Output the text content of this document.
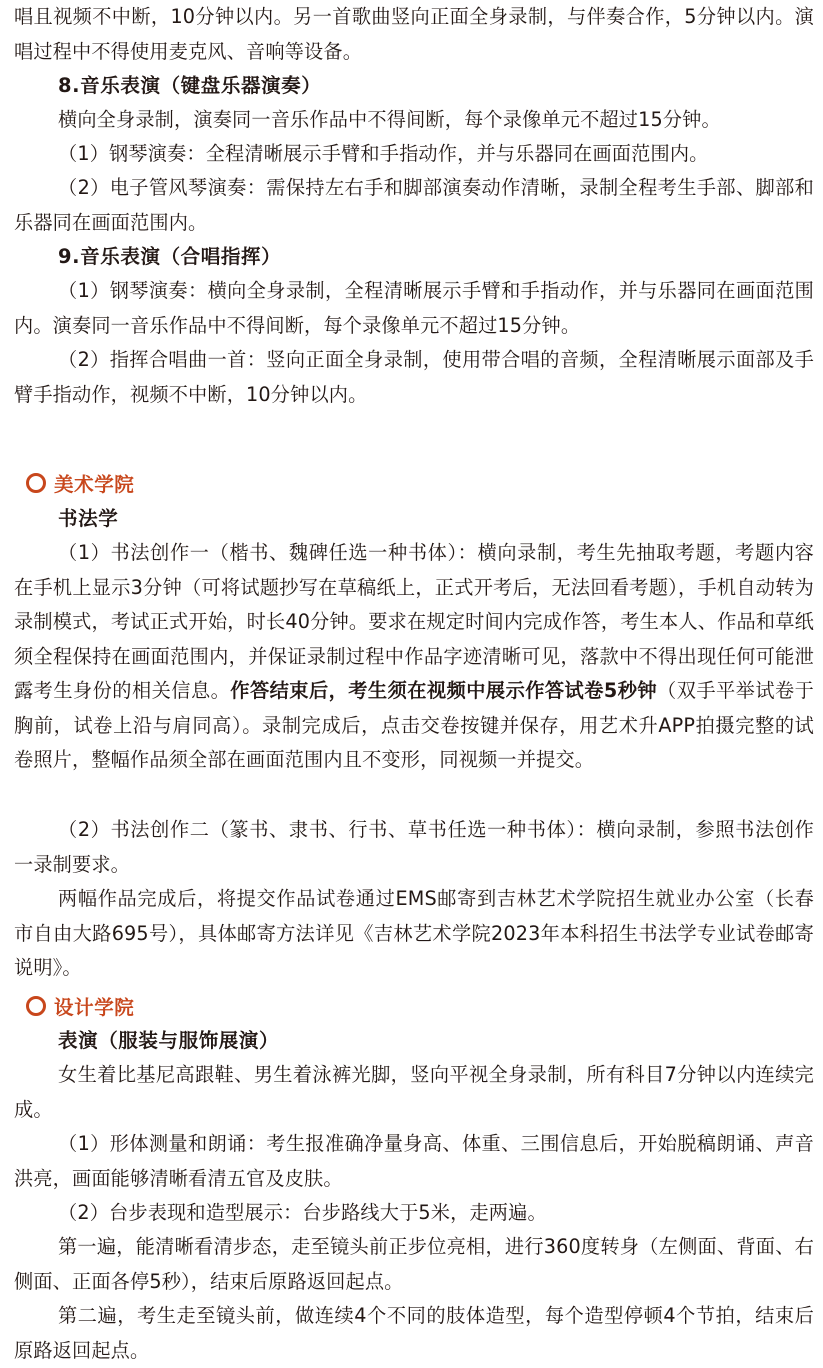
唱且视频不中断，10分钟以内。另一首歌曲竖向正面全身录制，与伴奏合作，5分钟以内。演唱过程中不得使用麦克风、音响等设备。

8.音乐表演（键盘乐器演奏）

横向全身录制，演奏同一音乐作品中不得间断，每个录像单元不超过15分钟。

（1）钢琴演奏：全程清晰展示手臂和手指动作，并与乐器同在画面范围内。

（2）电子管风琴演奏：需保持左右手和脚部演奏动作清晰，录制全程考生手部、脚部和乐器同在画面范围内。

9.音乐表演（合唱指挥）

（1）钢琴演奏：横向全身录制，全程清晰展示手臂和手指动作，并与乐器同在画面范围内。演奏同一音乐作品中不得间断，每个录像单元不超过15分钟。

（2）指挥合唱曲一首：竖向正面全身录制，使用带合唱的音频，全程清晰展示面部及手臂手指动作，视频不中断，10分钟以内。

美术学院

书法学

（1）书法创作一（楷书、魏碑任选一种书体）：横向录制，考生先抽取考题，考题内容在手机上显示3分钟（可将试题抄写在草稿纸上，正式开考后，无法回看考题），手机自动转为录制模式，考试正式开始，时长40分钟。要求在规定时间内完成作答，考生本人、作品和草纸须全程保持在画面范围内，并保证录制过程中作品字迹清晰可见，落款中不得出现任何可能泄露考生身份的相关信息。作答结束后，考生须在视频中展示作答试卷5秒钟（双手平举试卷于胸前，试卷上沿与肩同高）。录制完成后，点击交卷按键并保存，用艺术升APP拍摄完整的试卷照片，整幅作品须全部在画面范围内且不变形，同视频一并提交。

（2）书法创作二（篆书、隶书、行书、草书任选一种书体）：横向录制，参照书法创作一录制要求。

两幅作品完成后，将提交作品试卷通过EMS邮寄到吉林艺术学院招生就业办公室（长春市自由大路695号），具体邮寄方法详见《吉林艺术学院2023年本科招生书法学专业试卷邮寄说明》。

设计学院

表演（服装与服饰展演）

女生着比基尼高跟鞋、男生着泳裤光脚，竖向平视全身录制，所有科目7分钟以内连续完成。

（1）形体测量和朗诵：考生报准确净量身高、体重、三围信息后，开始脱稿朗诵、声音洪亮，画面能够清晰看清五官及皮肤。

（2）台步表现和造型展示：台步路线大于5米，走两遍。

第一遍，能清晰看清步态，走至镜头前正步位亮相，进行360度转身（左侧面、背面、右侧面、正面各停5秒），结束后原路返回起点。

第二遍，考生走至镜头前，做连续4个不同的肢体造型，每个造型停顿4个节拍，结束后原路返回起点。
